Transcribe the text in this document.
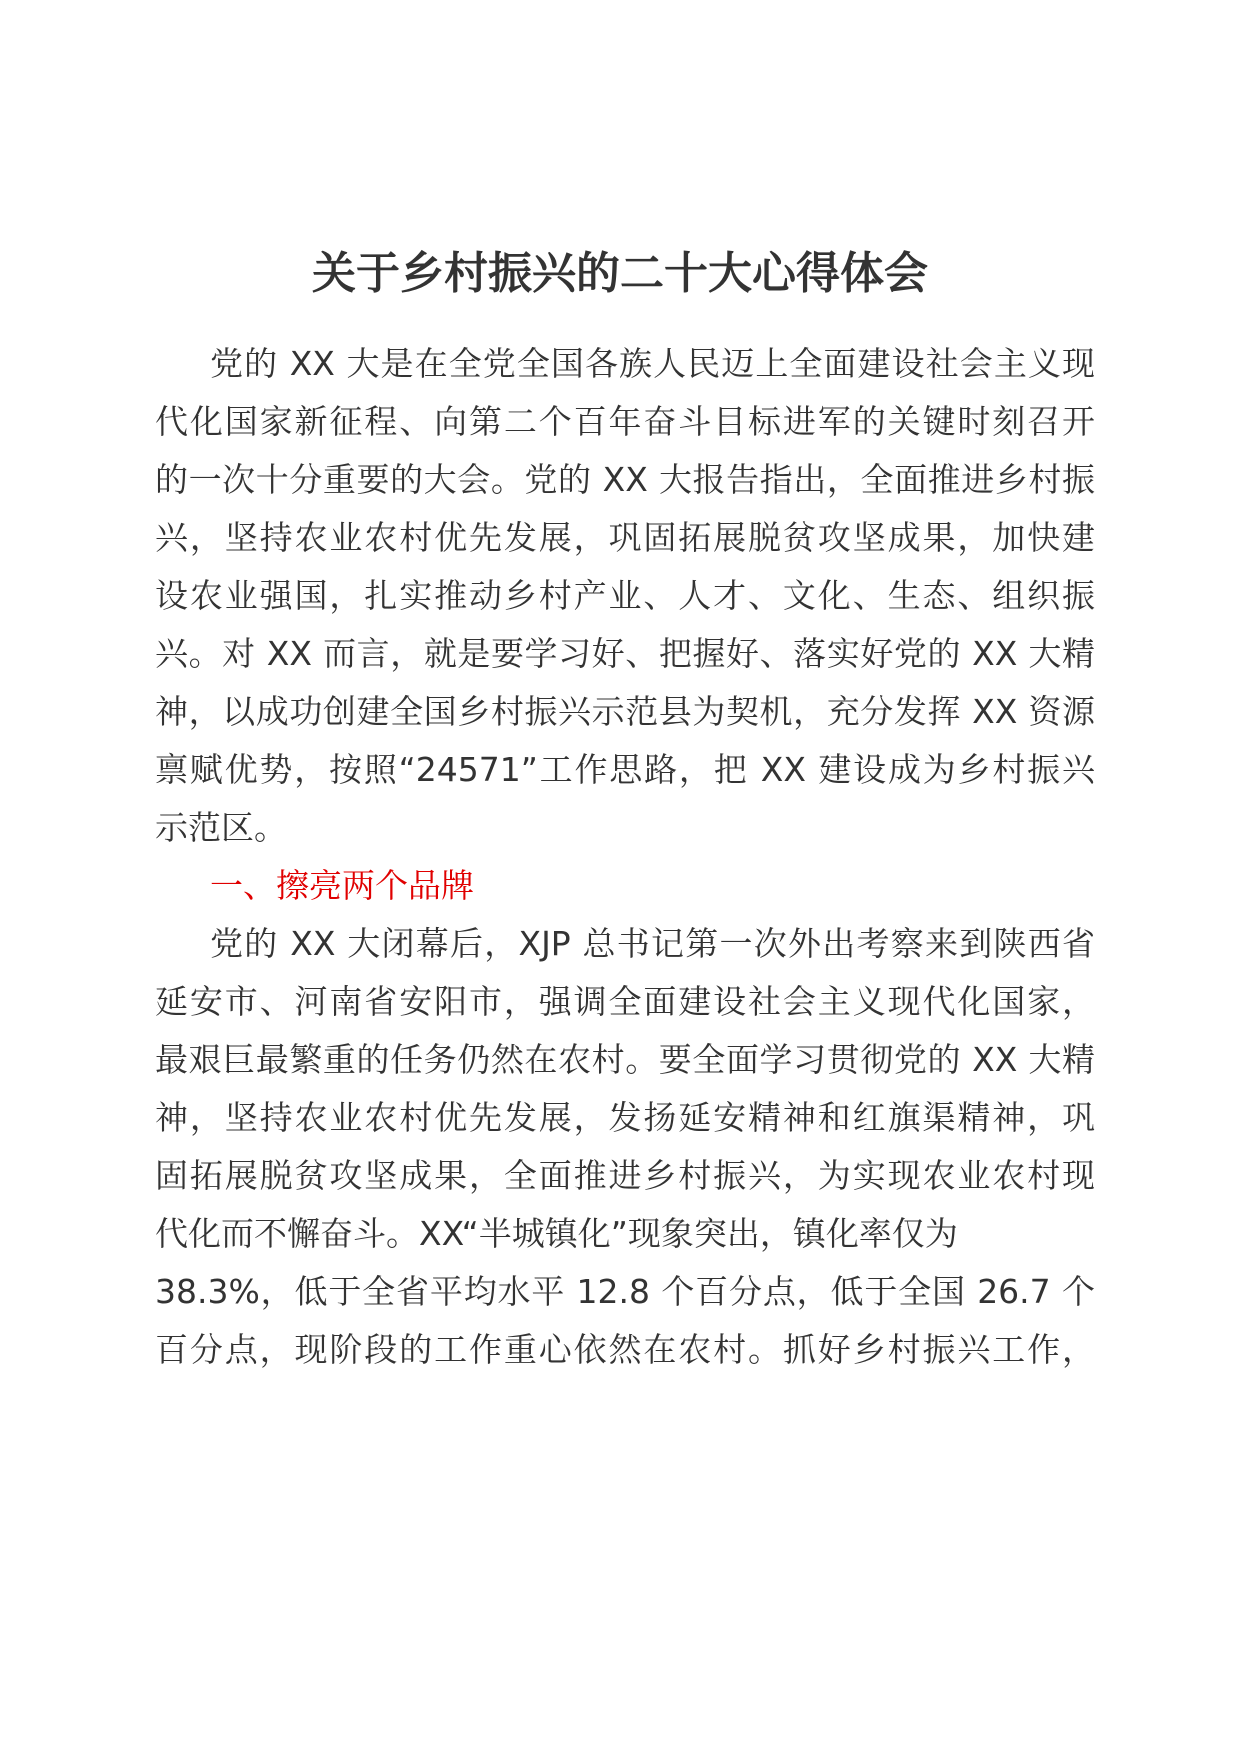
关于乡村振兴的二十大心得体会
党的 XX 大是在全党全国各族人民迈上全面建设社会主义现
代化国家新征程、向第二个百年奋斗目标进军的关键时刻召开
的一次十分重要的大会。党的 XX 大报告指出，全面推进乡村振
兴，坚持农业农村优先发展，巩固拓展脱贫攻坚成果，加快建
设农业强国，扎实推动乡村产业、人才、文化、生态、组织振
兴。对 XX 而言，就是要学习好、把握好、落实好党的 XX 大精
神，以成功创建全国乡村振兴示范县为契机，充分发挥 XX 资源
禀赋优势，按照“24571”工作思路，把 XX 建设成为乡村振兴
示范区。
一、擦亮两个品牌
党的 XX 大闭幕后，XJP 总书记第一次外出考察来到陕西省
延安市、河南省安阳市，强调全面建设社会主义现代化国家，
最艰巨最繁重的任务仍然在农村。要全面学习贯彻党的 XX 大精
神，坚持农业农村优先发展，发扬延安精神和红旗渠精神，巩
固拓展脱贫攻坚成果，全面推进乡村振兴，为实现农业农村现
代化而不懈奋斗。XX“半城镇化”现象突出，镇化率仅为
38.3%，低于全省平均水平 12.8 个百分点，低于全国 26.7 个
百分点，现阶段的工作重心依然在农村。抓好乡村振兴工作，
